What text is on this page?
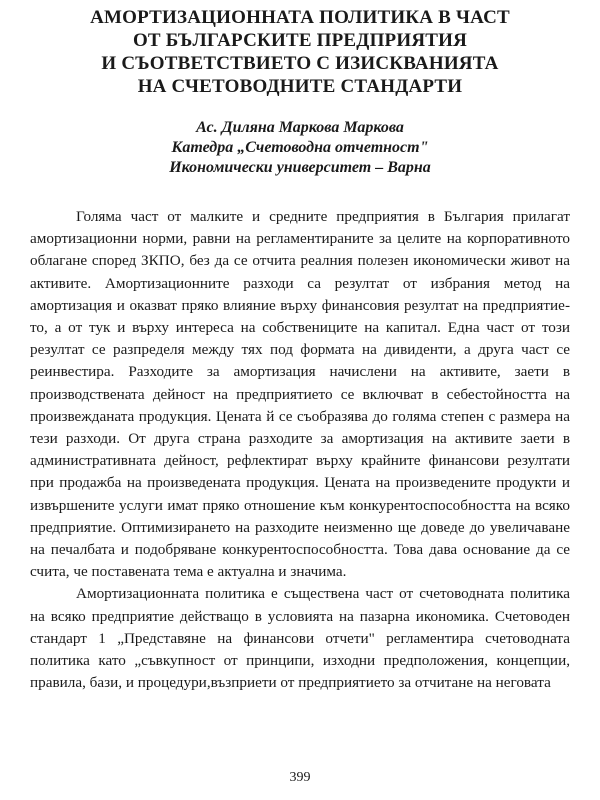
АМОРТИЗАЦИОННАТА ПОЛИТИКА В ЧАСТ
ОТ БЪЛГАРСКИТЕ ПРЕДПРИЯТИЯ
И СЪОТВЕТСТВИЕТО С ИЗИСКВАНИЯТА
НА СЧЕТОВОДНИТЕ СТАНДАРТИ
Ас. Диляна Маркова Маркова
Катедра „Счетоводна отчетност"
Икономически университет – Варна

Голяма част от малките и средните предприятия в България прилагат амортизационни норми, равни на регламентираните за целите на корпоративното облагане според ЗКПО, без да се отчита реалния полезен икономически живот на активите. Амортизационните разходи са резултат от избрания метод на амортизация и оказват пряко влияние върху финансовия резултат на предприятието, а от тук и върху интереса на собствениците на капитал. Една част от този резултат се разпределя между тях под формата на дивиденти, а друга част се реинвестира. Разходите за амортизация начислени на активите, заети в производствената дейност на предприятието се включват в себестойността на произвежданата продукция. Цената й се съобразява до голяма степен с размера на тези разходи. От друга страна разходите за амортизация на активите заети в административната дейност, рефлектират върху крайните финансови резултати при продажба на произведената продукция. Цената на произведените продукти и извършените услуги имат пряко отношение към конкурентоспособността на всяко предприятие. Оптимизирането на разходите неизменно ще доведе до увеличаване на печалбата и подобряване конкурентоспособността. Това дава основание да се счита, че поставената тема е актуална и значима.

Амортизационната политика е съществена част от счетоводната политика на всяко предприятие действащо в условията на пазарна икономика. Счетоводен стандарт 1 „Представяне на финансови отчети" регламентира счетоводната политика като „съвкупност от принципи, изходни предположения, концепции, правила, бази, и процедури,възприети от предприятието за отчитане на неговата

399
